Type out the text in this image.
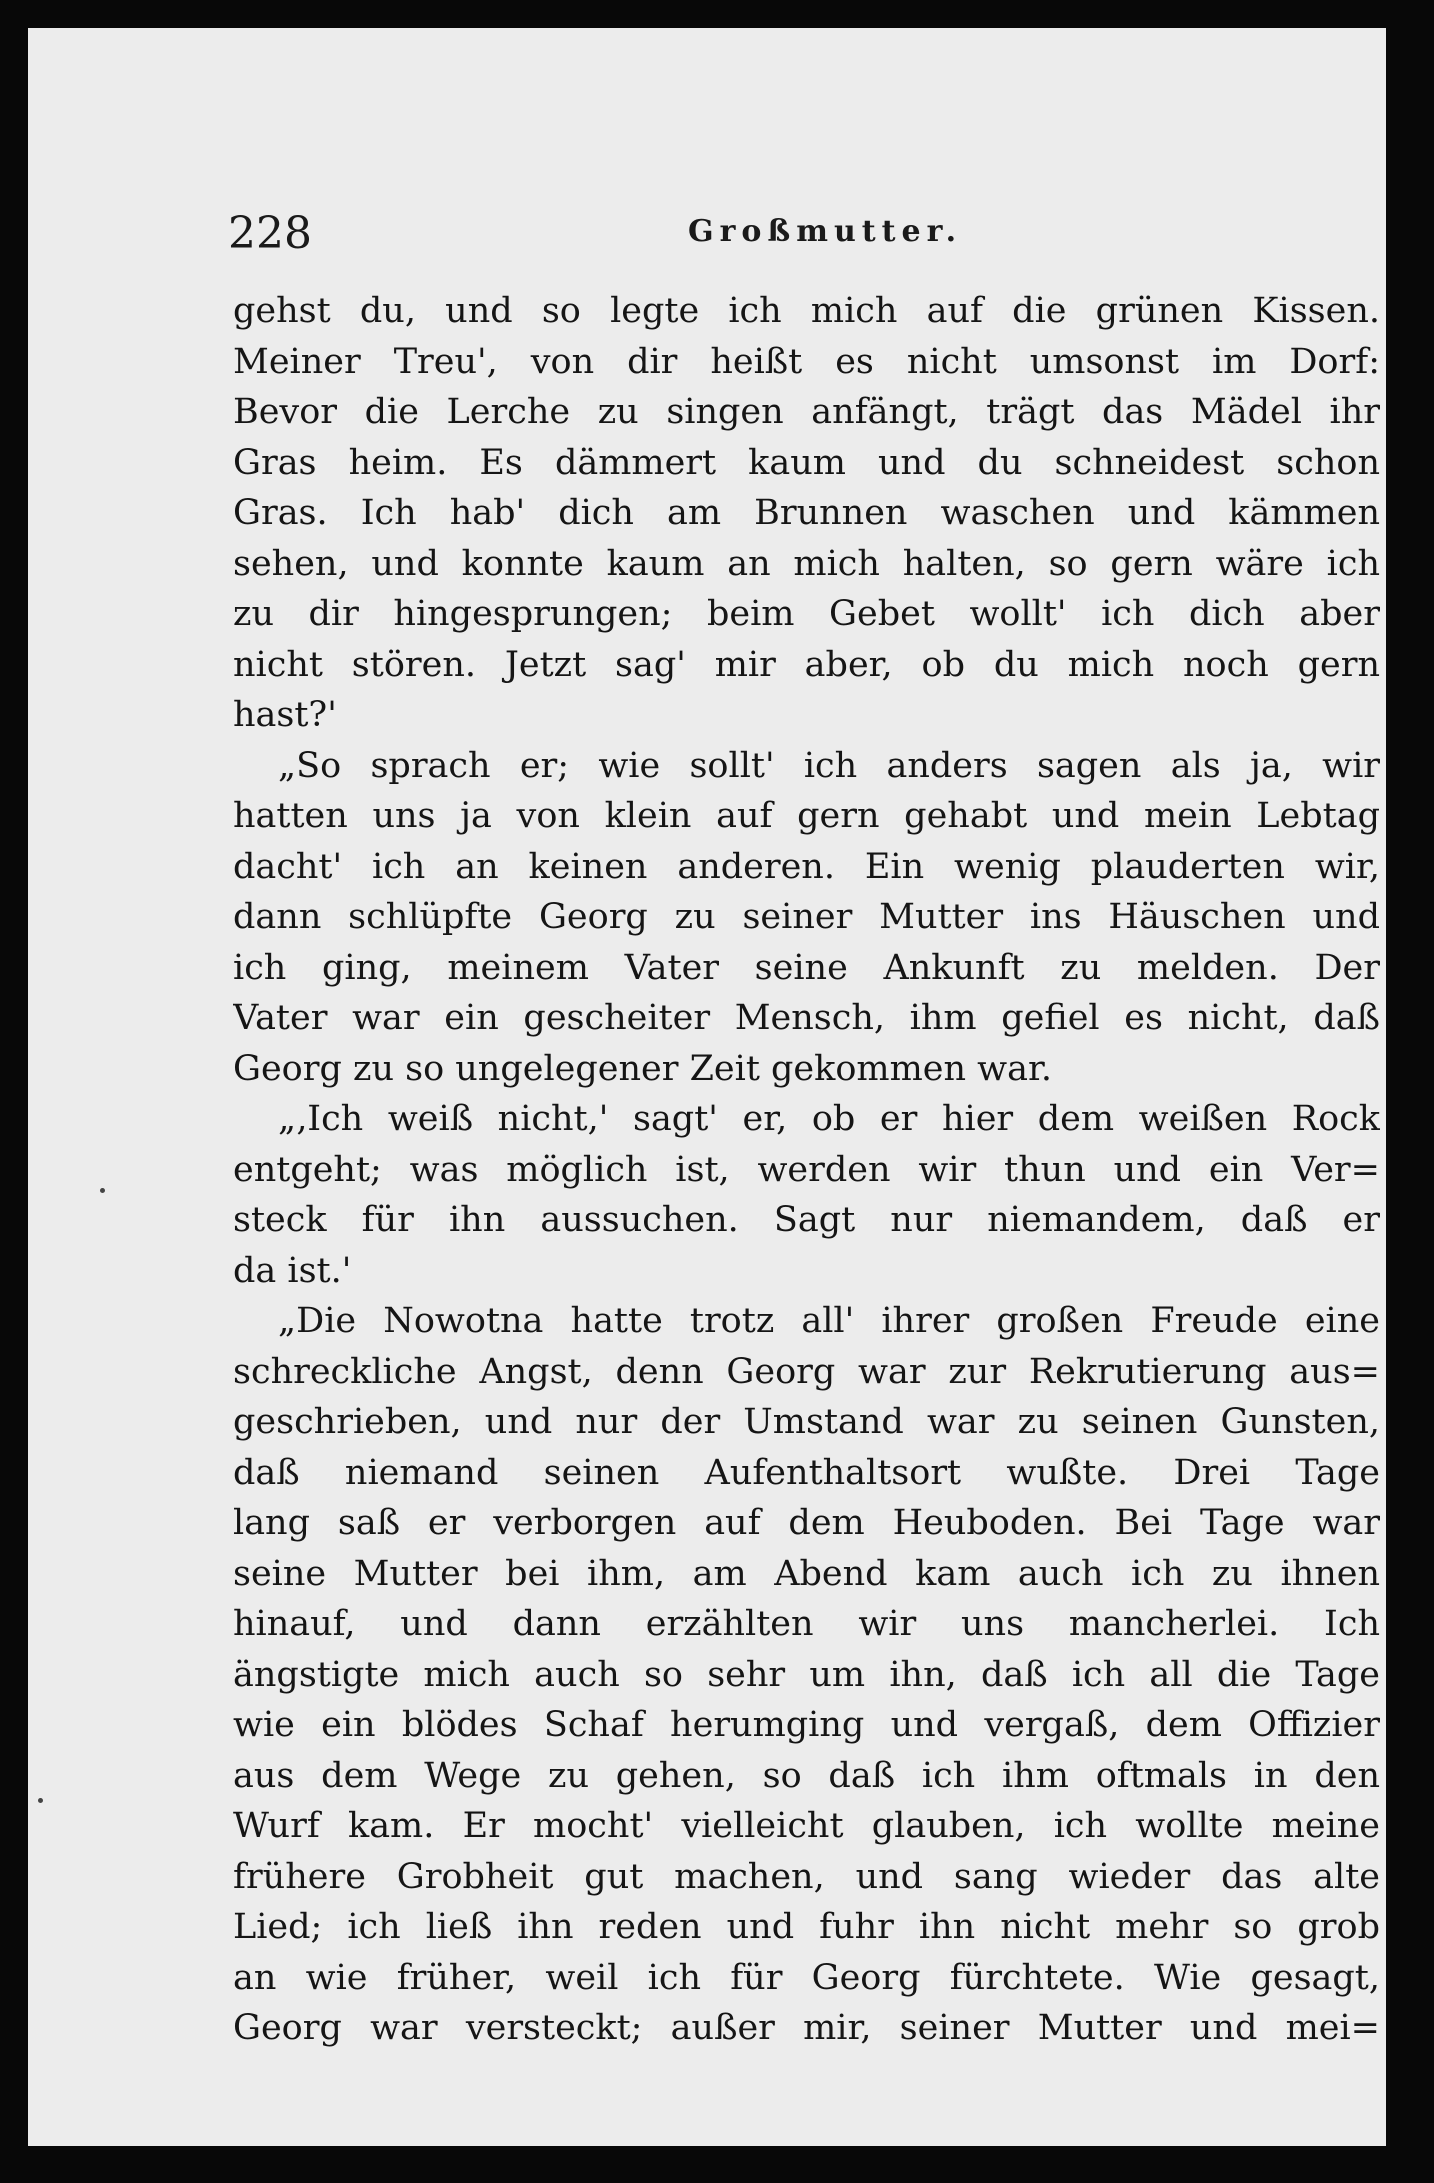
228	Großmutter.
gehst du, und so legte ich mich auf die grünen Kissen.
Meiner Treu', von dir heißt es nicht umsonst im Dorf:
Bevor die Lerche zu singen anfängt, trägt das Mädel ihr
Gras heim. Es dämmert kaum und du schneidest schon
Gras. Ich hab' dich am Brunnen waschen und kämmen
sehen, und konnte kaum an mich halten, so gern wäre ich
zu dir hingesprungen; beim Gebet wollt' ich dich aber
nicht stören. Jetzt sag' mir aber, ob du mich noch gern
hast?'
„So sprach er; wie sollt' ich anders sagen als ja, wir
hatten uns ja von klein auf gern gehabt und mein Lebtag
dacht' ich an keinen anderen. Ein wenig plauderten wir,
dann schlüpfte Georg zu seiner Mutter ins Häuschen und
ich ging, meinem Vater seine Ankunft zu melden. Der
Vater war ein gescheiter Mensch, ihm gefiel es nicht, daß
Georg zu so ungelegener Zeit gekommen war.
„‚Ich weiß nicht,' sagt' er, ob er hier dem weißen Rock
entgeht; was möglich ist, werden wir thun und ein Ver=
steck für ihn aussuchen. Sagt nur niemandem, daß er
da ist.'
„Die Nowotna hatte trotz all' ihrer großen Freude eine
schreckliche Angst, denn Georg war zur Rekrutierung aus=
geschrieben, und nur der Umstand war zu seinen Gunsten,
daß niemand seinen Aufenthaltsort wußte. Drei Tage
lang saß er verborgen auf dem Heuboden. Bei Tage war
seine Mutter bei ihm, am Abend kam auch ich zu ihnen
hinauf, und dann erzählten wir uns mancherlei. Ich
ängstigte mich auch so sehr um ihn, daß ich all die Tage
wie ein blödes Schaf herumging und vergaß, dem Offizier
aus dem Wege zu gehen, so daß ich ihm oftmals in den
Wurf kam. Er mocht' vielleicht glauben, ich wollte meine
frühere Grobheit gut machen, und sang wieder das alte
Lied; ich ließ ihn reden und fuhr ihn nicht mehr so grob
an wie früher, weil ich für Georg fürchtete. Wie gesagt,
Georg war versteckt; außer mir, seiner Mutter und mei=
